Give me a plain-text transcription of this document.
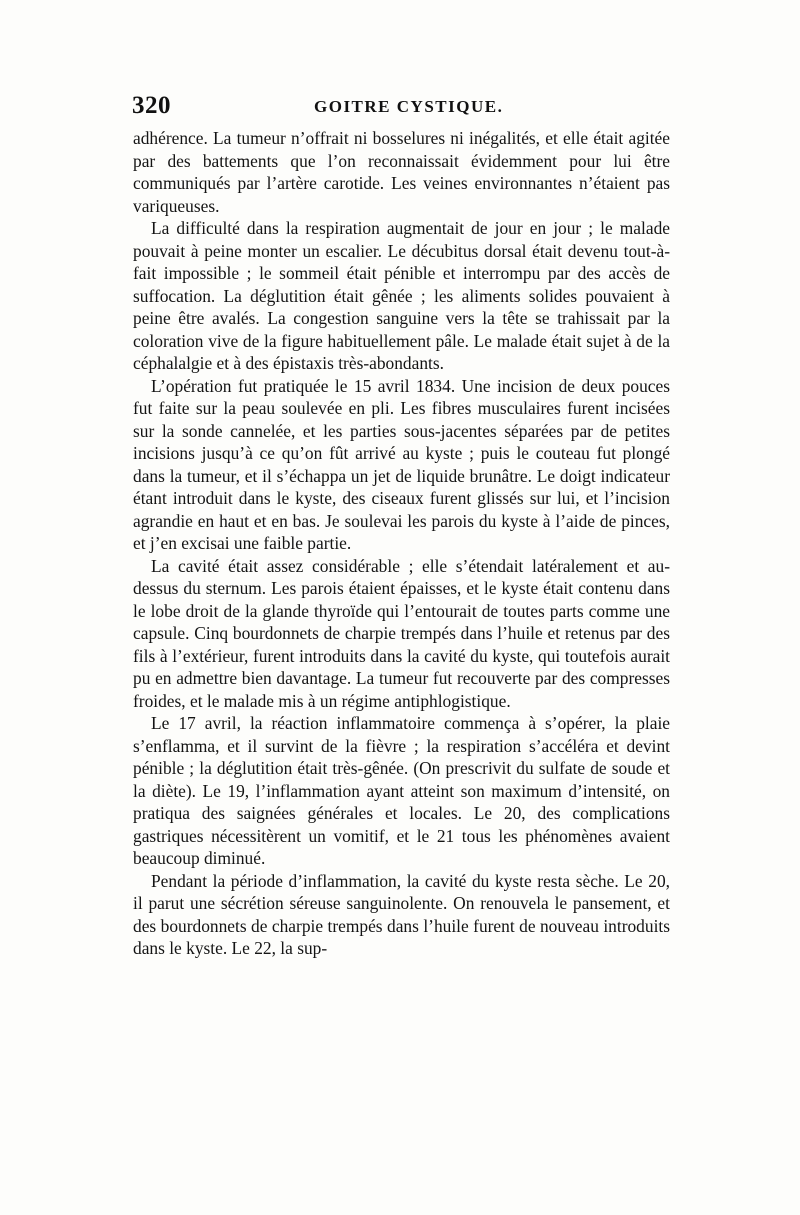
320	GOITRE CYSTIQUE.

adhérence. La tumeur n’offrait ni bosselures ni inégalités, et elle était agitée par des battements que l’on reconnaissait évidemment pour lui être communiqués par l’artère carotide. Les veines environnantes n’étaient pas variqueuses.

La difficulté dans la respiration augmentait de jour en jour ; le malade pouvait à peine monter un escalier. Le décubitus dorsal était devenu tout-à-fait impossible ; le sommeil était pénible et interrompu par des accès de suffocation. La déglutition était gênée ; les aliments solides pouvaient à peine être avalés. La congestion sanguine vers la tête se trahissait par la coloration vive de la figure habituellement pâle. Le malade était sujet à de la céphalalgie et à des épistaxis très-abondants.

L’opération fut pratiquée le 15 avril 1834. Une incision de deux pouces fut faite sur la peau soulevée en pli. Les fibres musculaires furent incisées sur la sonde cannelée, et les parties sous-jacentes séparées par de petites incisions jusqu’à ce qu’on fût arrivé au kyste ; puis le couteau fut plongé dans la tumeur, et il s’échappa un jet de liquide brunâtre. Le doigt indicateur étant introduit dans le kyste, des ciseaux furent glissés sur lui, et l’incision agrandie en haut et en bas. Je soulevai les parois du kyste à l’aide de pinces, et j’en excisai une faible partie.

La cavité était assez considérable ; elle s’étendait latéralement et au-dessus du sternum. Les parois étaient épaisses, et le kyste était contenu dans le lobe droit de la glande thyroïde qui l’entourait de toutes parts comme une capsule. Cinq bourdonnets de charpie trempés dans l’huile et retenus par des fils à l’extérieur, furent introduits dans la cavité du kyste, qui toutefois aurait pu en admettre bien davantage. La tumeur fut recouverte par des compresses froides, et le malade mis à un régime antiphlogistique.

Le 17 avril, la réaction inflammatoire commença à s’opérer, la plaie s’enflamma, et il survint de la fièvre ; la respiration s’accéléra et devint pénible ; la déglutition était très-gênée. (On prescrivit du sulfate de soude et la diète). Le 19, l’inflammation ayant atteint son maximum d’intensité, on pratiqua des saignées générales et locales. Le 20, des complications gastriques nécessitèrent un vomitif, et le 21 tous les phénomènes avaient beaucoup diminué.

Pendant la période d’inflammation, la cavité du kyste resta sèche. Le 20, il parut une sécrétion séreuse sanguinolente. On renouvela le pansement, et des bourdonnets de charpie trempés dans l’huile furent de nouveau introduits dans le kyste. Le 22, la sup-
